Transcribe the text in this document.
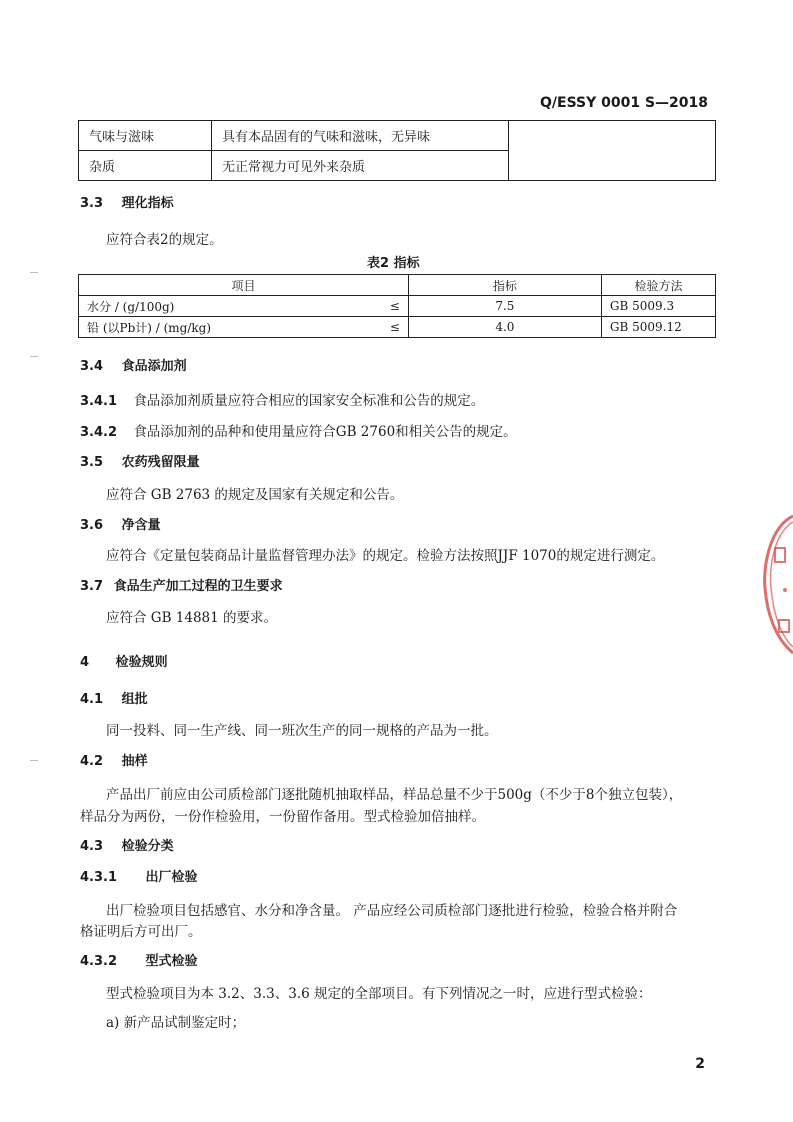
Q/ESSY 0001 S—2018
气味与滋味	具有本品固有的气味和滋味，无异味	
杂质	无正常视力可见外来杂质	
3.3 理化指标
应符合表2的规定。
表2 指标
项目		指标	检验方法
水分 / (g/100g)	≤	7.5	GB 5009.3
铅 (以Pb计) / (mg/kg)	≤	4.0	GB 5009.12
3.4 食品添加剂
3.4.1 食品添加剂质量应符合相应的国家安全标准和公告的规定。
3.4.2 食品添加剂的品种和使用量应符合GB 2760和相关公告的规定。
3.5 农药残留限量
应符合 GB 2763 的规定及国家有关规定和公告。
3.6 净含量
应符合《定量包装商品计量监督管理办法》的规定。检验方法按照JJF 1070的规定进行测定。
3.7 食品生产加工过程的卫生要求
应符合 GB 14881 的要求。
4 检验规则
4.1 组批
同一投料、同一生产线、同一班次生产的同一规格的产品为一批。
4.2 抽样
产品出厂前应由公司质检部门逐批随机抽取样品，样品总量不少于500g（不少于8个独立包装），
样品分为两份，一份作检验用，一份留作备用。型式检验加倍抽样。
4.3 检验分类
4.3.1 出厂检验
出厂检验项目包括感官、水分和净含量。 产品应经公司质检部门逐批进行检验，检验合格并附合
格证明后方可出厂。
4.3.2 型式检验
型式检验项目为本 3.2、3.3、3.6 规定的全部项目。有下列情况之一时，应进行型式检验：
a) 新产品试制鉴定时；
2
